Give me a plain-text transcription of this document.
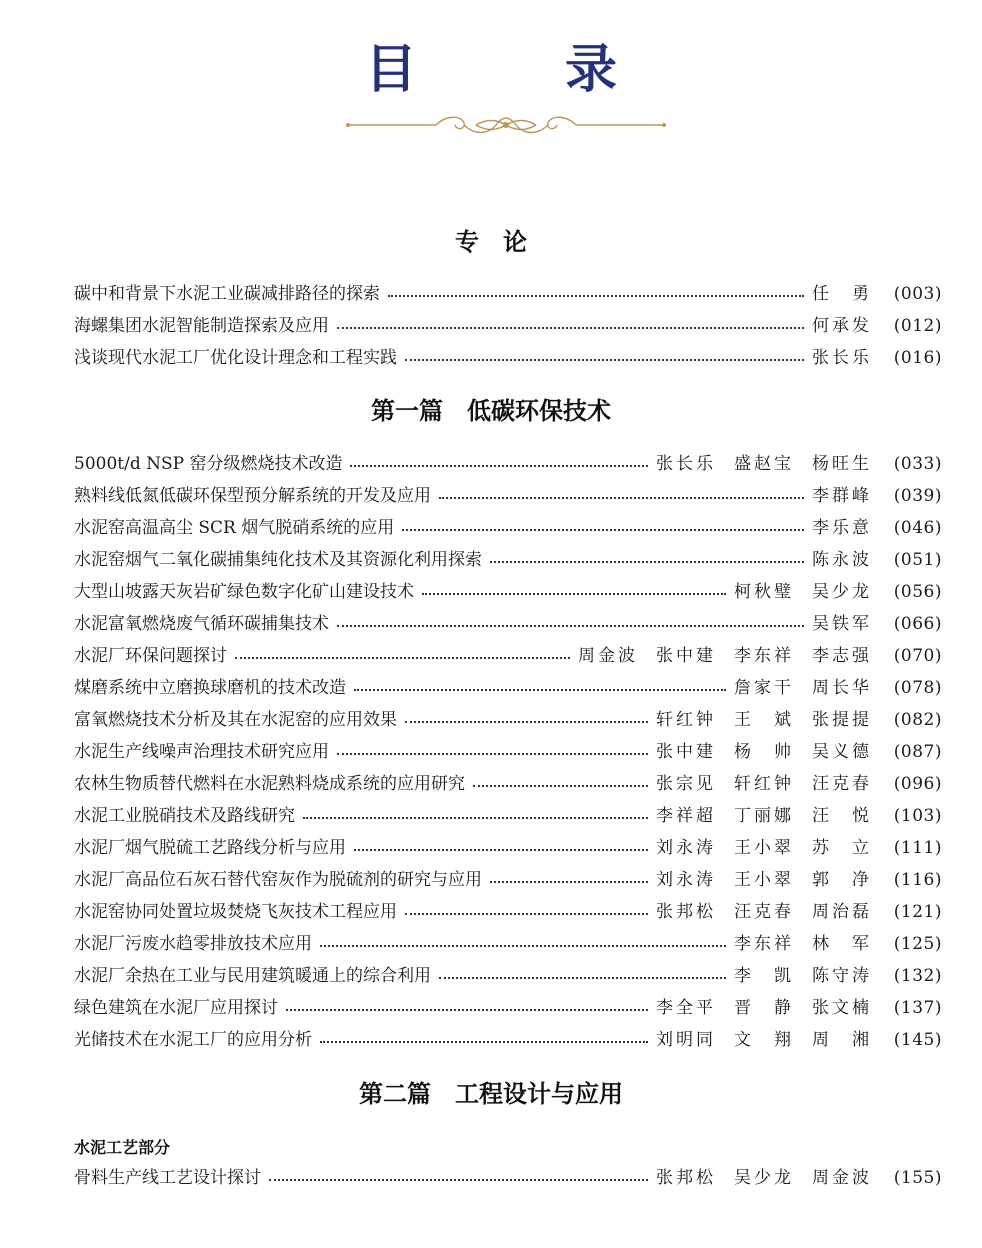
目　录
专　论
碳中和背景下水泥工业碳减排路径的探索	任　勇	(003)
海螺集团水泥智能制造探索及应用	何承发	(012)
浅谈现代水泥工厂优化设计理念和工程实践	张长乐	(016)
第一篇　低碳环保技术
5000t/d NSP 窑分级燃烧技术改造	张长乐	盛赵宝	杨旺生	(033)
熟料线低氮低碳环保型预分解系统的开发及应用	李群峰	(039)
水泥窑高温高尘 SCR 烟气脱硝系统的应用	李乐意	(046)
水泥窑烟气二氧化碳捕集纯化技术及其资源化利用探索	陈永波	(051)
大型山坡露天灰岩矿绿色数字化矿山建设技术	柯秋璧	吴少龙	(056)
水泥富氧燃烧废气循环碳捕集技术	吴铁军	(066)
水泥厂环保问题探讨	周金波	张中建	李东祥	李志强	(070)
煤磨系统中立磨换球磨机的技术改造	詹家干	周长华	(078)
富氧燃烧技术分析及其在水泥窑的应用效果	轩红钟	王　斌	张提提	(082)
水泥生产线噪声治理技术研究应用	张中建	杨　帅	吴义德	(087)
农林生物质替代燃料在水泥熟料烧成系统的应用研究	张宗见	轩红钟	汪克春	(096)
水泥工业脱硝技术及路线研究	李祥超	丁丽娜	汪　悦	(103)
水泥厂烟气脱硫工艺路线分析与应用	刘永涛	王小翠	苏　立	(111)
水泥厂高品位石灰石替代窑灰作为脱硫剂的研究与应用	刘永涛	王小翠	郭　净	(116)
水泥窑协同处置垃圾焚烧飞灰技术工程应用	张邦松	汪克春	周治磊	(121)
水泥厂污废水趋零排放技术应用	李东祥	林　军	(125)
水泥厂余热在工业与民用建筑暖通上的综合利用	李　凯	陈守涛	(132)
绿色建筑在水泥厂应用探讨	李全平	晋　静	张文楠	(137)
光储技术在水泥工厂的应用分析	刘明同	文　翔	周　湘	(145)
第二篇　工程设计与应用
水泥工艺部分
骨料生产线工艺设计探讨	张邦松	吴少龙	周金波	(155)
